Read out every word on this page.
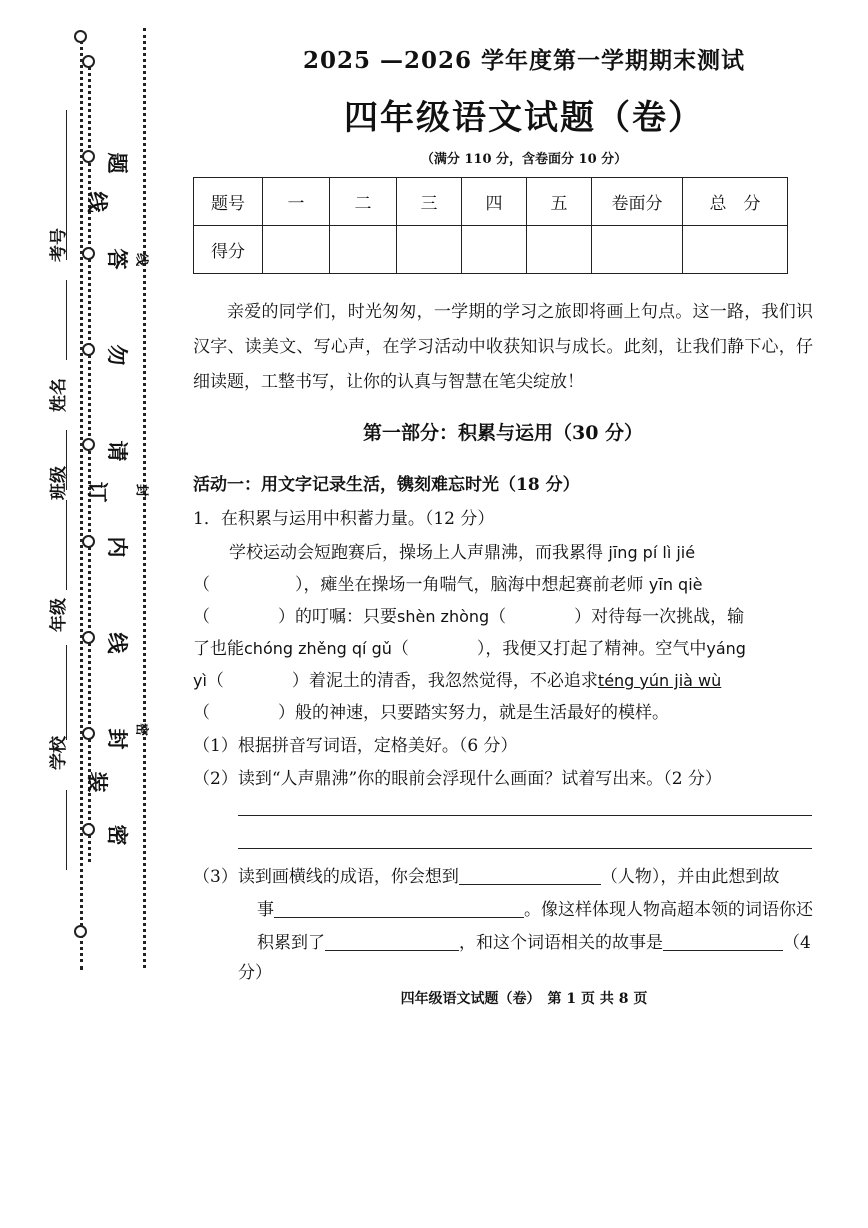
考号
姓名
班级
年级
学校
线
订
装
题
答
勿
请
内
线
封
密
线
封
密
2025 —2026 学年度第一学期期末测试
四年级语文试题（卷）
（满分 110 分，含卷面分 10 分）
题号	一	二	三	四	五	卷面分	总　分
得分							
亲爱的同学们，时光匆匆，一学期的学习之旅即将画上句点。这一路，我们识汉字、读美文、写心声，在学习活动中收获知识与成长。此刻，让我们静下心，仔细读题，工整书写，让你的认真与智慧在笔尖绽放！
第一部分：积累与运用（30 分）
活动一：用文字记录生活，镌刻难忘时光（18 分）
1．在积累与运用中积蓄力量。（12 分）
学校运动会短跑赛后，操场上人声鼎沸，而我累得 jīng pí lì jié
（　　　　　），瘫坐在操场一角喘气，脑海中想起赛前老师 yīn qiè
（　　　　）的叮嘱：只要shèn zhòng（　　　　）对待每一次挑战，输
了也能chóng zhěng qí gǔ（　　　　），我便又打起了精神。空气中yáng
yì（　　　　）着泥土的清香，我忽然觉得，不必追求téng yún jià wù
（　　　　）般的神速，只要踏实努力，就是生活最好的模样。
（1）根据拼音写词语，定格美好。（6 分）
（2）读到“人声鼎沸”你的眼前会浮现什么画面？试着写出来。（2 分）
（3）读到画横线的成语，你会想到	（人物），并由此想到故
事	。像这样体现人物高超本领的词语你还
积累到了	，和这个词语相关的故事是	（4
分）
四年级语文试题（卷）　第 1 页 共 8 页
